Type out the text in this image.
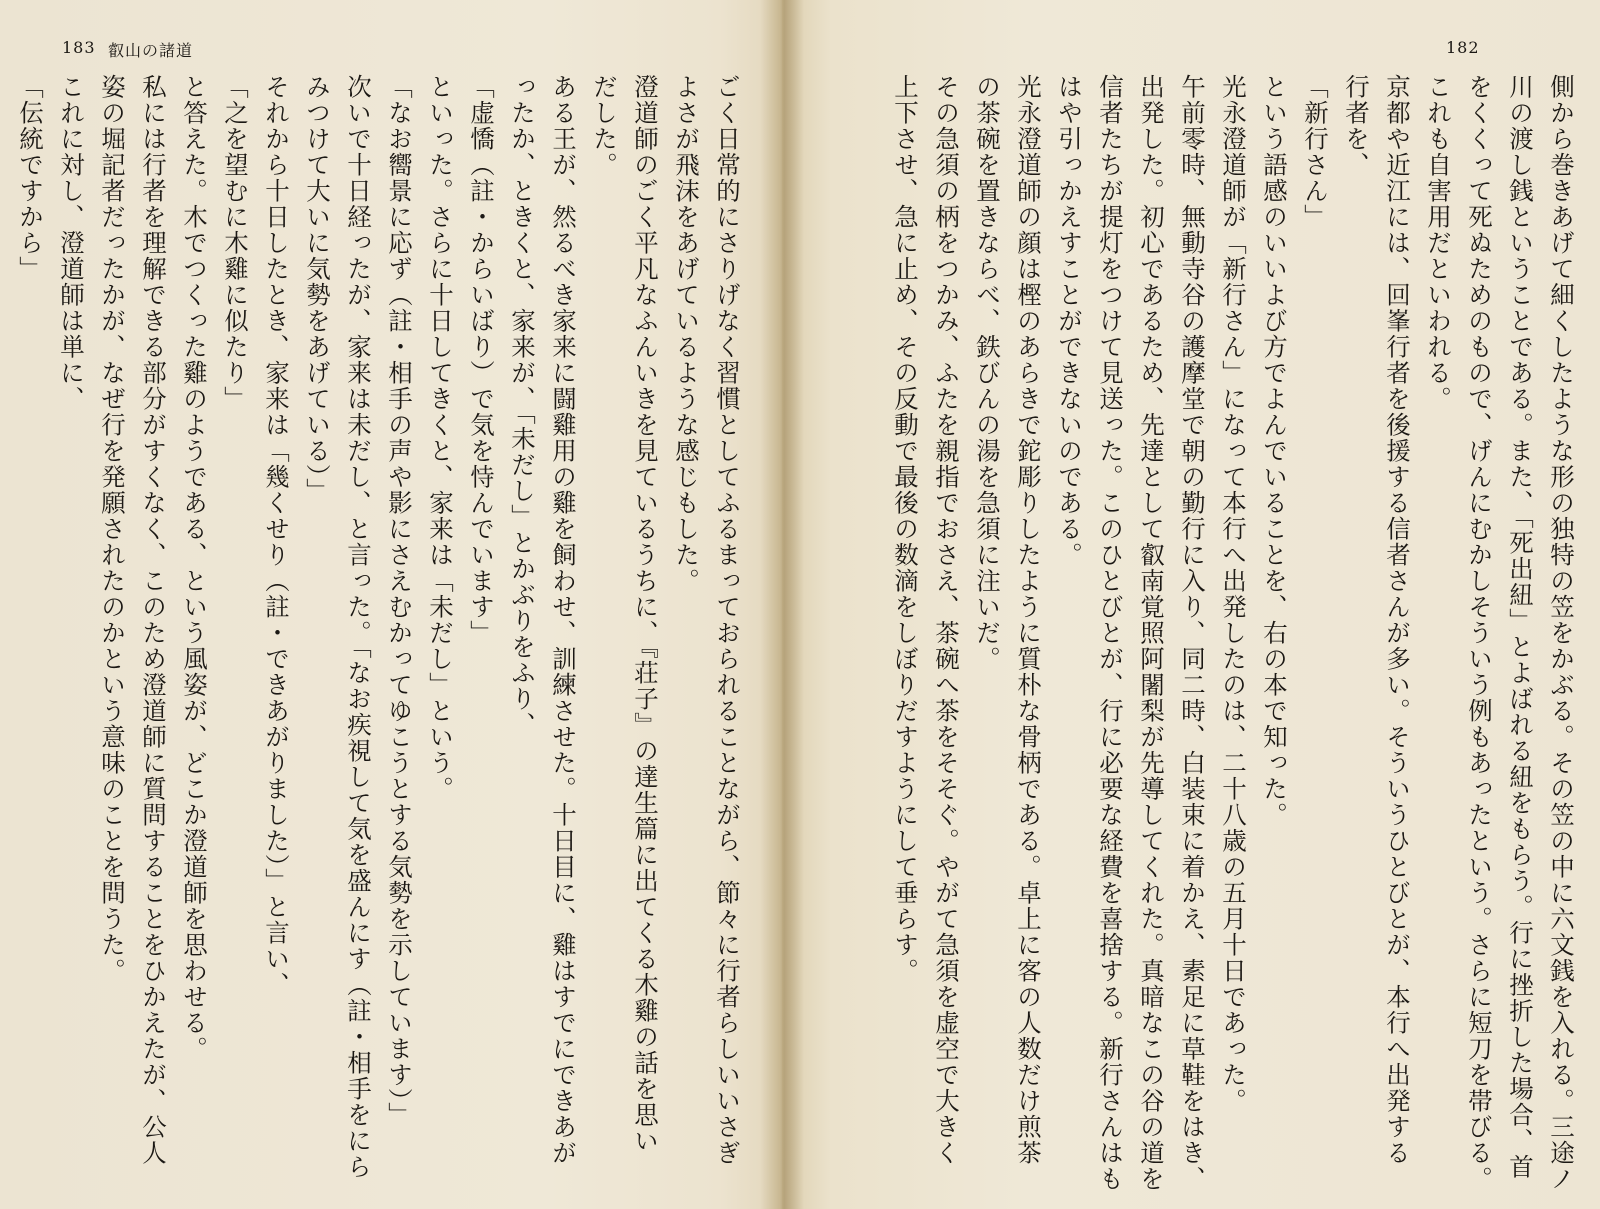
183 叡山の諸道
ごく日常的にさりげなく習慣としてふるまっておられることながら、節々に行者らしいいさぎ
よさが飛沫をあげているような感じもした。
澄道師のごく平凡なふんいきを見ているうちに、『荘子』の達生篇に出てくる木雞の話を思い
だした。
ある王が、然るべき家来に闘雞用の雞を飼わせ、訓練させた。十日目に、雞はすでにできあが
ったか、ときくと、家来が、「未だし」とかぶりをふり、
「虚憍（註・からいばり）で気を恃んでいます」
といった。さらに十日してきくと、家来は「未だし」という。
「なお嚮景に応ず（註・相手の声や影にさえむかってゆこうとする気勢を示しています）」
次いで十日経ったが、家来は未だし、と言った。「なお疾視して気を盛んにす（註・相手をにら
みつけて大いに気勢をあげている）」
それから十日したとき、家来は「幾くせり（註・できあがりました）」と言い、
「之を望むに木雞に似たり」
と答えた。木でつくった雞のようである、という風姿が、どこか澄道師を思わせる。
私には行者を理解できる部分がすくなく、このため澄道師に質問することをひかえたが、公人
姿の堀記者だったかが、なぜ行を発願されたのかという意味のことを問うた。
これに対し、澄道師は単に、
「伝統ですから」
182
側から巻きあげて細くしたような形の独特の笠をかぶる。その笠の中に六文銭を入れる。三途ノ
川の渡し銭ということである。また、「死出紐」とよばれる紐をもらう。行に挫折した場合、首
をくくって死ぬためのもので、げんにむかしそういう例もあったという。さらに短刀を帯びる。
これも自害用だといわれる。
京都や近江には、回峯行者を後援する信者さんが多い。そういうひとびとが、本行へ出発する
行者を、
「新行さん」
という語感のいいよび方でよんでいることを、右の本で知った。
光永澄道師が「新行さん」になって本行へ出発したのは、二十八歳の五月十日であった。
午前零時、無動寺谷の護摩堂で朝の勤行に入り、同二時、白装束に着かえ、素足に草鞋をはき、
出発した。初心であるため、先達として叡南覚照阿闍梨が先導してくれた。真暗なこの谷の道を
信者たちが提灯をつけて見送った。このひとびとが、行に必要な経費を喜捨する。新行さんはも
はや引っかえすことができないのである。
光永澄道師の顔は樫のあらきで鉈彫りしたように質朴な骨柄である。卓上に客の人数だけ煎茶
の茶碗を置きならべ、鉄びんの湯を急須に注いだ。
その急須の柄をつかみ、ふたを親指でおさえ、茶碗へ茶をそそぐ。やがて急須を虚空で大きく
上下させ、急に止め、その反動で最後の数滴をしぼりだすようにして垂らす。
